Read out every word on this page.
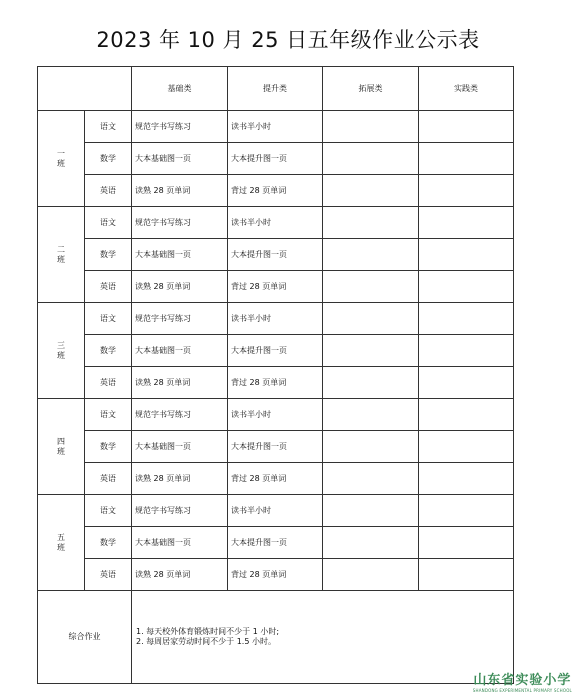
2023 年 10 月 25 日五年级作业公示表
		基础类	提升类	拓展类	实践类

一
班	语文	规范字书写练习	读书半小时		
	数学	大本基础图一页	大本提升图一页		
	英语	读熟 28 页单词	背过 28 页单词		

二
班	语文	规范字书写练习	读书半小时		
	数学	大本基础图一页	大本提升图一页		
	英语	读熟 28 页单词	背过 28 页单词		

三
班	语文	规范字书写练习	读书半小时		
	数学	大本基础图一页	大本提升图一页		
	英语	读熟 28 页单词	背过 28 页单词		

四
班	语文	规范字书写练习	读书半小时		
	数学	大本基础图一页	大本提升图一页		
	英语	读熟 28 页单词	背过 28 页单词		

五
班	语文	规范字书写练习	读书半小时		
	数学	大本基础图一页	大本提升图一页		
	英语	读熟 28 页单词	背过 28 页单词		
综合作业		1. 每天校外体育锻炼时间不少于 1 小时;
2. 每周居家劳动时间不少于 1.5 小时。			
山东省实验小学
SHANDONG EXPERIMENTAL PRIMARY SCHOOL
